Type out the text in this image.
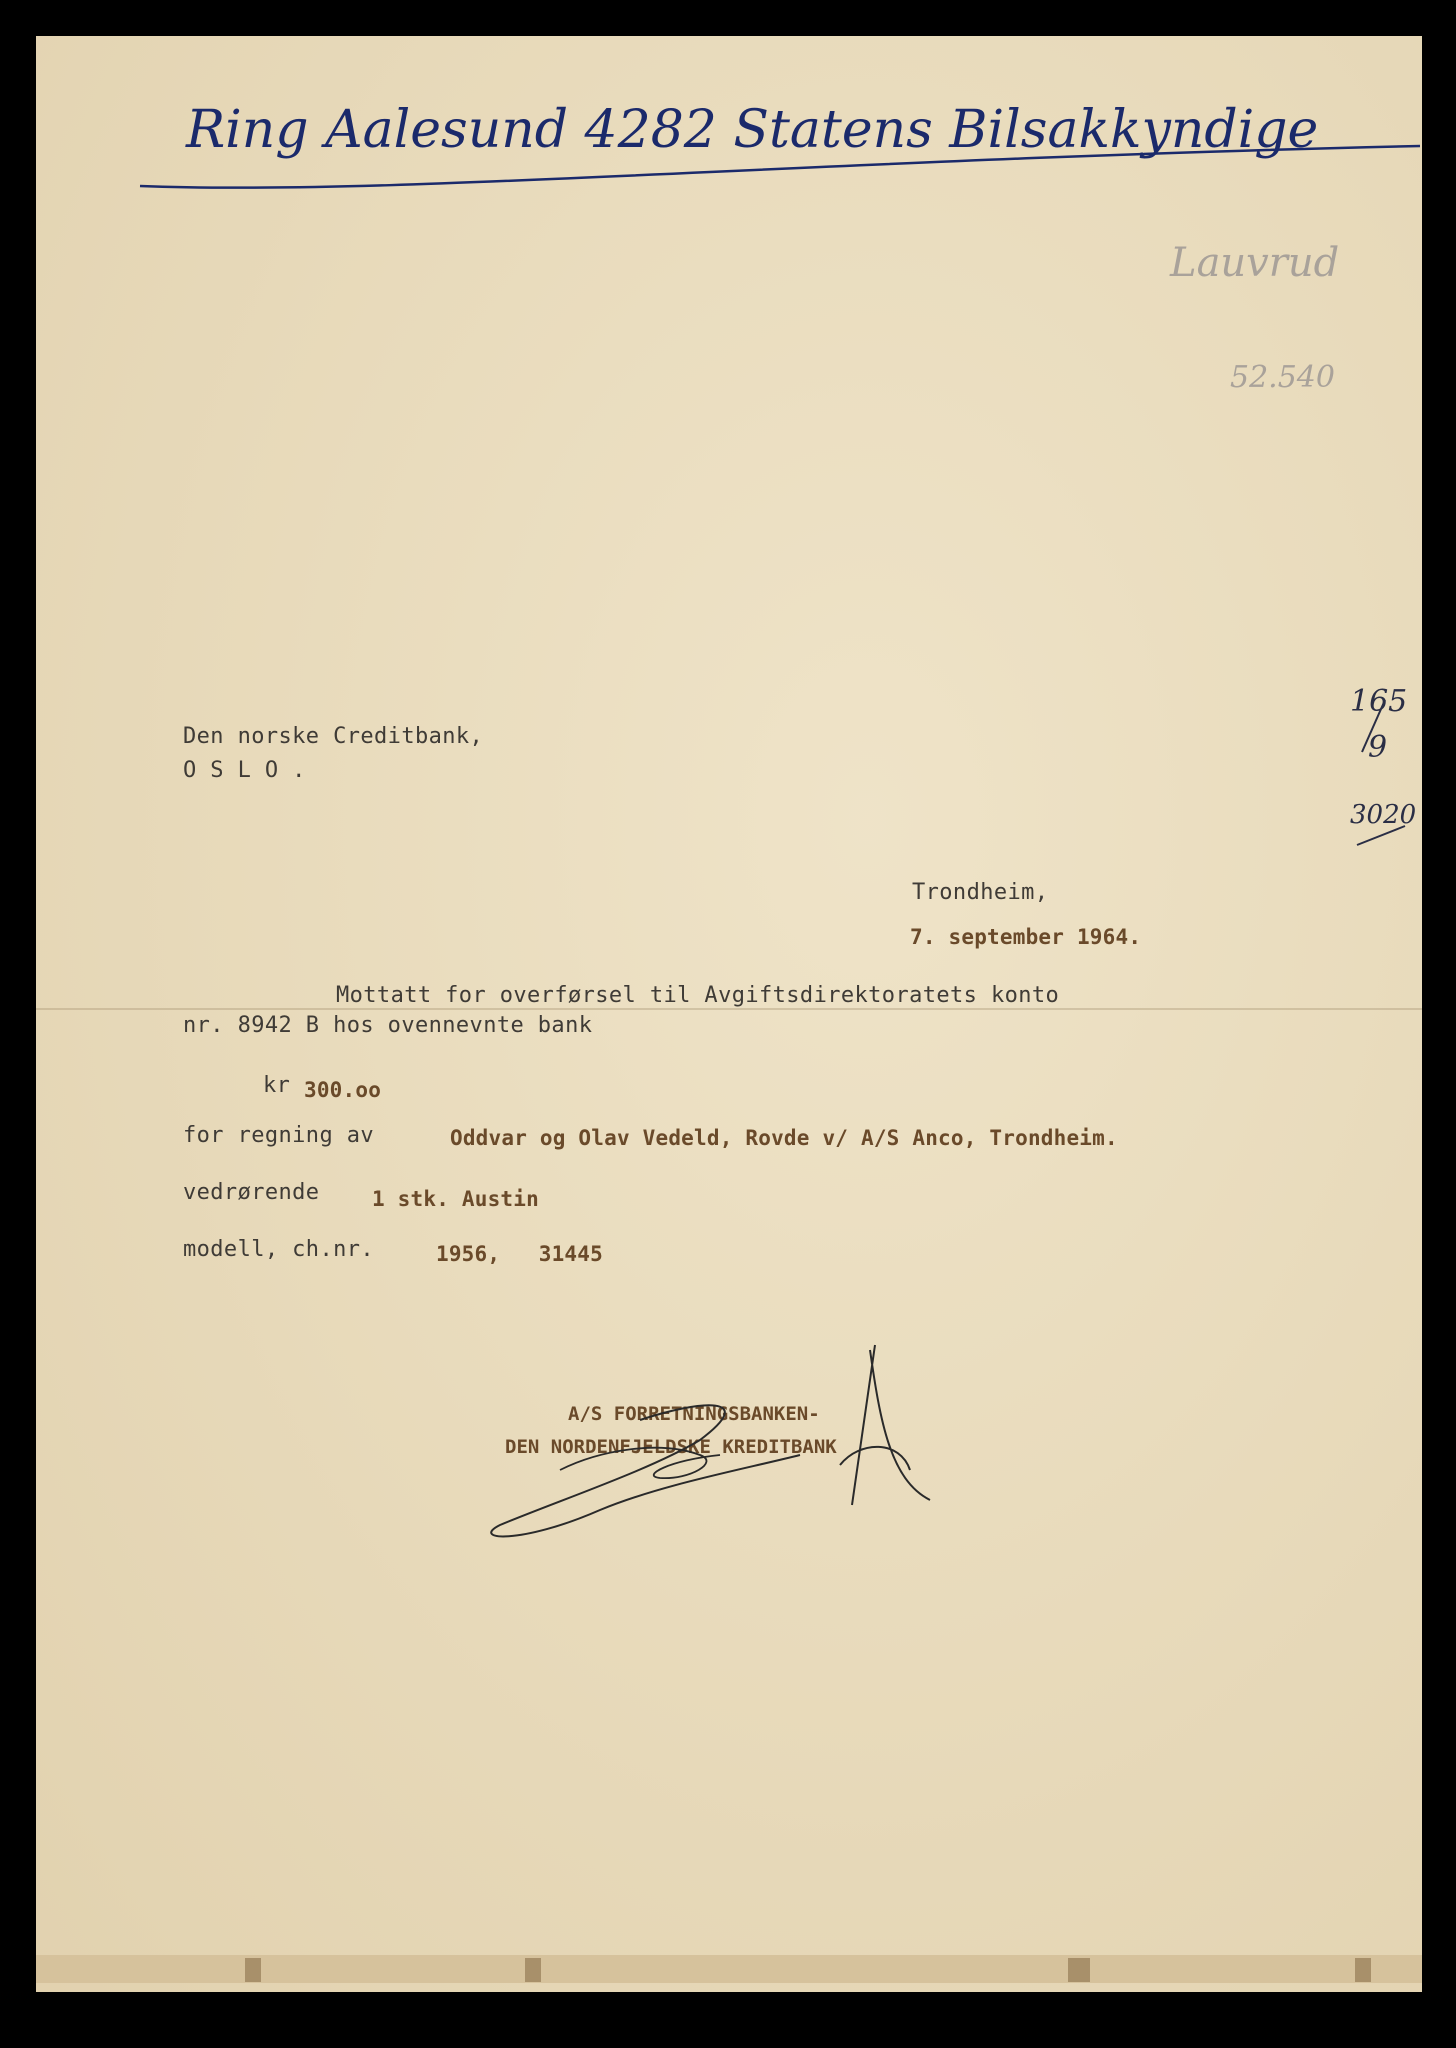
Ring Aalesund 4282 Statens Bilsakkyndige
Lauvrud
52.540
165
9
3020
Den norske Creditbank,
O S L O .
Trondheim,
7. september 1964.
Mottatt for overførsel til Avgiftsdirektoratets konto
nr. 8942 B hos ovennevnte bank
kr 300.oo
for regning av	Oddvar og Olav Vedeld, Rovde v/ A/S Anco, Trondheim.
vedrørende	1 stk. Austin
modell, ch.nr.	1956,   31445
A/S FORRETNINGSBANKEN-
DEN NORDENFJELDSKE KREDITBANK
